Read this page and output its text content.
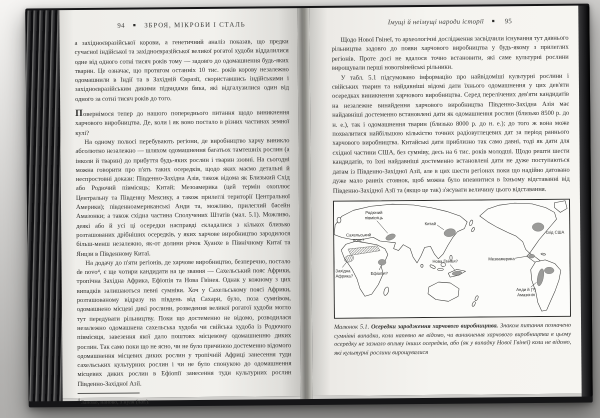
94 ■ ЗБРОЯ, МІКРОБИ І СТАЛЬ

а західноєвразійської корови, а генетичний аналіз показав, що предки сучасної індійської та західноєвразійської великої рогатої худоби віддалилися одне від одного сотні тисяч років тому — задовго до одомашнення будь-яких тварин. Це означає, що протягом останніх 10 тис. років корову незалежно одомашнили в Індії та в Західній Євразії, скориставшись індійськими і західноєвразійським дикими підвидами бика, які відгалузилися один від одного за сотні тисяч років до того.

Повернімося тепер до нашого попереднього питання щодо виникнення харчового виробництва. Де, коли і як воно постало в різних частинах земної кулі?

На одному полюсі перебувають регіони, де виробництво харчу виникло абсолютно незалежно — шляхом одомашнення багатьох тамтешніх рослин (а інколи й тварин) до прибуття будь-яких рослин і тварин ззовні. На сьогодні можна говорити про п'ять таких осередків, щодо яких маємо детальні й неспростовні докази: Південно-Західна Азія, також відома як Близький Схід або Родючий півмісяць; Китай; Мезоамерика (цей термін охоплює Центральну та Південну Мексику, а також прилеглі території Центральної Америки); південноамериканські Анди та, можливо, прилеглий басейн Амазонки; а також східна частина Сполучених Штатів (мал. 5.1). Можливо, деякі або й усі ці осередки насправді складалися з кількох близько розташованих дрібніших осередків, у яких харчове виробництво зародилося більш-менш незалежно, як-от долини річок Хуанхе в Північному Китаї та Янцзи в Південному Китаї.

На додачу до п'яти регіонів, де харчове виробництво, безперечно, постало de novo⁴, є ще чотири кандидати на це звання — Сахельський пояс Африки, тропічна Західна Африка, Ефіопія та Нова Гвінея. Однак у кожному з цих випадків залишаються певні сумніви. Хоч у Сахельському поясі Африки, розташованому відразу на південь від Сахари, було, поза сумнівом, одомашнено місцеві дикі рослини, розведення великої рогатої худоби могло тут передувати рільництву. Поки що достеменно не відомо, розводилася незалежно одомашнена сахельська худоба чи свійська худоба із Родючого півмісяця, завезення якої дало поштовх місцевому одомашненню диких рослин. Так само поки що не ясно, чи не було причиною достеменно відомого одомашнення місцевих диких рослин у тропічній Африці занесення туди сахельських культурних рослин і чи не було спонукою до одомашнення місцевих диких рослин в Ефіопії занесення туди культурних рослин Південно-Західної Азії.

$^4$ Заново, наново, з нуля (лат.).
Імущі й неімущі народи історії ■ 95

Щодо Нової Гвінеї, то археологічні дослідження засвідчили існування тут давнього рільництва задовго до появи харчового виробництва у будь-якому з прилеглих регіонів. Проте досі не вдалося точно встановити, які саме культурні рослини вирощували перші новогвінейські рільники.

У табл. 5.1 підсумовано інформацію про найвідоміші культурні рослини і свійських тварин та найдавніші відомі дати їхнього одомашнення у цих дев'яти осередках виникнення харчового виробництва. Серед перелічених дев'яти кандидатів на незалежне винайдення харчового виробництва Південно-Західна Азія має найдавніші достеменно встановлені дати як одомашнення рослин (близько 8500 р. до н. е.), так і одомашнення тварин (близько 8000 р. до н. е.); до того ж вона може похвалитися найбільшою кількістю точних радіовуглецевих дат за період раннього харчового виробництва. Китайські дати приблизно так само давні, тоді як дати для східної частини США, без сумніву, десь на 6 тис. років молодші. Щодо решти шести кандидатів, то їхні найдавніші достеменно встановлені дати не дуже поступаються датам із Південно-Західної Азії, але в цих шести регіонах поки що надійно датовано дуже мало ранніх стоянок, щоб можна було впевнитися в їхньому відставанні від Південно-Західної Азії та (якщо це так) з'ясувати величину цього відставання.

Родючий
півмісяць
Китай
Сахельський
пояс?
Західна
Африка?
Ефіопія?
Нова Гвінея?	Мезоамерика
схід США
Анди й (?)
Амазонія
Малюнок 5.1. Осередки зародження харчового виробництва. Знаком питання позначено сумнівні випадки, коли напевно не відомо, чи виникнення харчового виробництва в цьому осередку не зазнало впливу інших осередків, або (як у випадку Нової Гвінеї) коли не відомо, які культурні рослини вирощувалися
